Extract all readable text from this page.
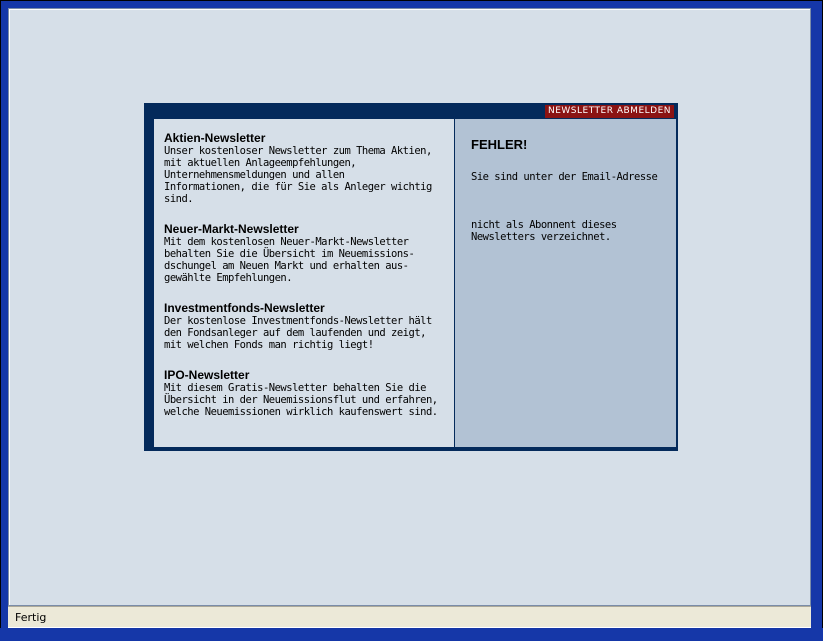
NEWSLETTER ABMELDEN

Aktien-Newsletter

Unser kostenloser Newsletter zum Thema Aktien,
mit aktuellen Anlageempfehlungen,
Unternehmensmeldungen und allen
Informationen, die für Sie als Anleger wichtig
sind.

Neuer-Markt-Newsletter

Mit dem kostenlosen Neuer-Markt-Newsletter
behalten Sie die Übersicht im Neuemissions-
dschungel am Neuen Markt und erhalten aus-
gewählte Empfehlungen.

Investmentfonds-Newsletter

Der kostenlose Investmentfonds-Newsletter hält
den Fondsanleger auf dem laufenden und zeigt,
mit welchen Fonds man richtig liegt!

IPO-Newsletter

Mit diesem Gratis-Newsletter behalten Sie die
Übersicht in der Neuemissionsflut und erfahren,
welche Neuemissionen wirklich kaufenswert sind.

FEHLER!
Sie sind unter der Email-Adresse
nicht als Abonnent dieses
Newsletters verzeichnet.
Fertig
